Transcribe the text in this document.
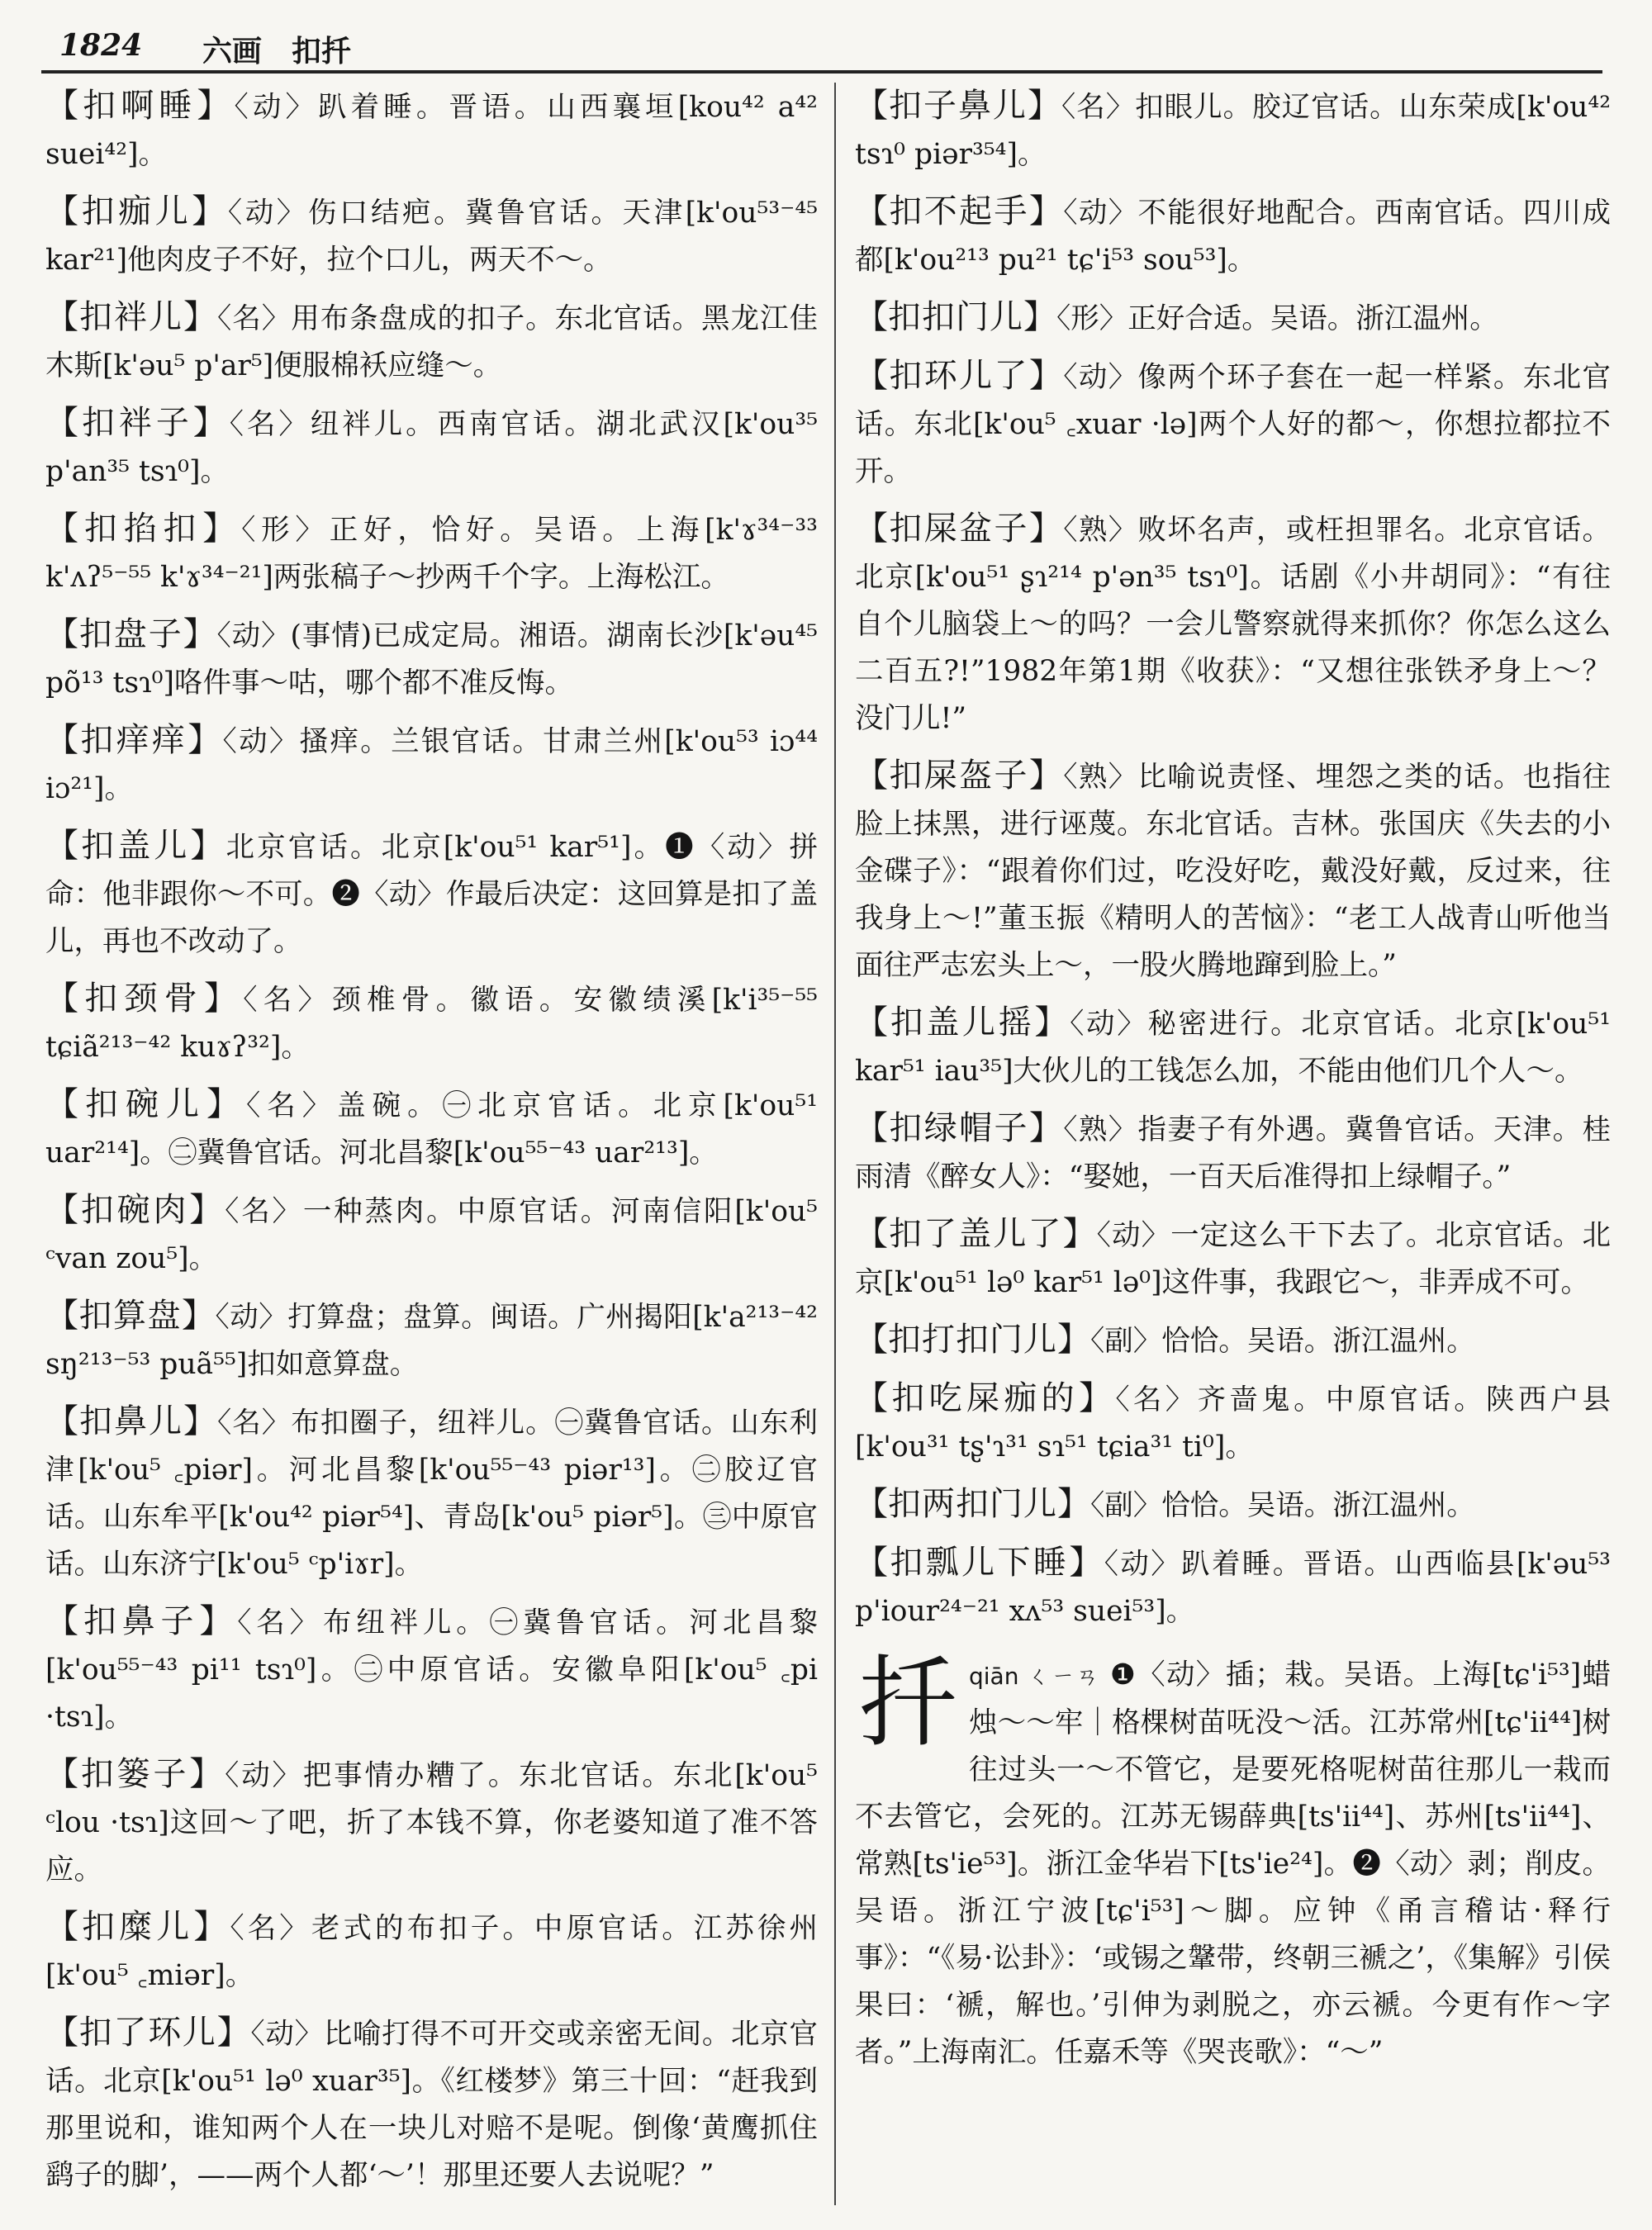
1824 六画　扣扦
【扣啊睡】〈动〉趴着睡。晋语。山西襄垣[kou⁴² a⁴² suei⁴²]。
【扣痂儿】〈动〉伤口结疤。冀鲁官话。天津[k'ou⁵³⁻⁴⁵ kar²¹]他肉皮子不好，拉个口儿，两天不～。
【扣袢儿】〈名〉用布条盘成的扣子。东北官话。黑龙江佳木斯[k'əu⁵ p'ar⁵]便服棉袄应缝～。
【扣袢子】〈名〉纽袢儿。西南官话。湖北武汉[k'ou³⁵ p'an³⁵ tsɿ⁰]。
【扣掐扣】〈形〉正好，恰好。吴语。上海[k'ɤ³⁴⁻³³ k'ʌʔ⁵⁻⁵⁵ k'ɤ³⁴⁻²¹]两张稿子～抄两千个字。上海松江。
【扣盘子】〈动〉(事情)已成定局。湘语。湖南长沙[k'əu⁴⁵ põ¹³ tsɿ⁰]咯件事～咕，哪个都不准反悔。
【扣痒痒】〈动〉搔痒。兰银官话。甘肃兰州[k'ou⁵³ iɔ⁴⁴ iɔ²¹]。
【扣盖儿】北京官话。北京[k'ou⁵¹ kar⁵¹]。❶〈动〉拼命：他非跟你～不可。❷〈动〉作最后决定：这回算是扣了盖儿，再也不改动了。
【扣颈骨】〈名〉颈椎骨。徽语。安徽绩溪[k'i³⁵⁻⁵⁵ tɕiã²¹³⁻⁴² kuɤʔ³²]。
【扣碗儿】〈名〉盖碗。㊀北京官话。北京[k'ou⁵¹ uar²¹⁴]。㊁冀鲁官话。河北昌黎[k'ou⁵⁵⁻⁴³ uar²¹³]。
【扣碗肉】〈名〉一种蒸肉。中原官话。河南信阳[k'ou⁵ ᶜvan zou⁵]。
【扣算盘】〈动〉打算盘；盘算。闽语。广州揭阳[k'a²¹³⁻⁴² sŋ²¹³⁻⁵³ puã⁵⁵]扣如意算盘。
【扣鼻儿】〈名〉布扣圈子，纽袢儿。㊀冀鲁官话。山东利津[k'ou⁵ ꜀piər]。河北昌黎[k'ou⁵⁵⁻⁴³ piər¹³]。㊁胶辽官话。山东牟平[k'ou⁴² piər⁵⁴]、青岛[k'ou⁵ piər⁵]。㊂中原官话。山东济宁[k'ou⁵ ᶜp'iɤr]。
【扣鼻子】〈名〉布纽袢儿。㊀冀鲁官话。河北昌黎[k'ou⁵⁵⁻⁴³ pi¹¹ tsɿ⁰]。㊁中原官话。安徽阜阳[k'ou⁵ ꜀pi ·tsɿ]。
【扣篓子】〈动〉把事情办糟了。东北官话。东北[k'ou⁵ ᶜlou ·tsɿ]这回～了吧，折了本钱不算，你老婆知道了准不答应。
【扣糜儿】〈名〉老式的布扣子。中原官话。江苏徐州[k'ou⁵ ꜀miər]。
【扣了环儿】〈动〉比喻打得不可开交或亲密无间。北京官话。北京[k'ou⁵¹ lə⁰ xuar³⁵]。《红楼梦》第三十回：“赶我到那里说和，谁知两个人在一块儿对赔不是呢。倒像‘黄鹰抓住鹞子的脚’，——两个人都‘～’！那里还要人去说呢？”
【扣子鼻儿】〈名〉扣眼儿。胶辽官话。山东荣成[k'ou⁴² tsɿ⁰ piər³⁵⁴]。
【扣不起手】〈动〉不能很好地配合。西南官话。四川成都[k'ou²¹³ pu²¹ tɕ'i⁵³ sou⁵³]。
【扣扣门儿】〈形〉正好合适。吴语。浙江温州。
【扣环儿了】〈动〉像两个环子套在一起一样紧。东北官话。东北[k'ou⁵ ꜀xuar ·lə]两个人好的都～，你想拉都拉不开。
【扣屎盆子】〈熟〉败坏名声，或枉担罪名。北京官话。北京[k'ou⁵¹ ʂɿ²¹⁴ p'ən³⁵ tsɿ⁰]。话剧《小井胡同》：“有往自个儿脑袋上～的吗？一会儿警察就得来抓你？你怎么这么二百五?!”1982年第1期《收获》：“又想往张铁矛身上～？没门儿!”
【扣屎盔子】〈熟〉比喻说责怪、埋怨之类的话。也指往脸上抹黑，进行诬蔑。东北官话。吉林。张国庆《失去的小金碟子》：“跟着你们过，吃没好吃，戴没好戴，反过来，往我身上～!”董玉振《精明人的苦恼》：“老工人战青山听他当面往严志宏头上～，一股火腾地蹿到脸上。”
【扣盖儿摇】〈动〉秘密进行。北京官话。北京[k'ou⁵¹ kar⁵¹ iau³⁵]大伙儿的工钱怎么加，不能由他们几个人～。
【扣绿帽子】〈熟〉指妻子有外遇。冀鲁官话。天津。桂雨清《醉女人》：“娶她，一百天后准得扣上绿帽子。”
【扣了盖儿了】〈动〉一定这么干下去了。北京官话。北京[k'ou⁵¹ lə⁰ kar⁵¹ lə⁰]这件事，我跟它～，非弄成不可。
【扣打扣门儿】〈副〉恰恰。吴语。浙江温州。
【扣吃屎痂的】〈名〉齐啬鬼。中原官话。陕西户县[k'ou³¹ tʂ'ɿ³¹ sɿ⁵¹ tɕia³¹ ti⁰]。
【扣两扣门儿】〈副〉恰恰。吴语。浙江温州。
【扣瓢儿下睡】〈动〉趴着睡。晋语。山西临县[k'əu⁵³ p'iour²⁴⁻²¹ xʌ⁵³ suei⁵³]。
扦 qiān ㄑㄧㄢ ❶〈动〉插；栽。吴语。上海[tɕ'i⁵³]蜡烛～～牢｜格棵树苗呒没～活。江苏常州[tɕ'ii⁴⁴]树往过头一～不管它，是要死格呢树苗往那儿一栽而不去管它，会死的。江苏无锡薛典[ts'ii⁴⁴]、苏州[ts'ii⁴⁴]、常熟[ts'ie⁵³]。浙江金华岩下[ts'ie²⁴]。❷〈动〉剥；削皮。吴语。浙江宁波[tɕ'i⁵³]～脚。应钟《甬言稽诂·释行事》：“《易·讼卦》：‘或锡之鞶带，终朝三褫之’，《集解》引侯果曰：‘褫，解也。’引伸为剥脱之，亦云褫。今更有作～字者。”上海南汇。任嘉禾等《哭丧歌》：“～”
